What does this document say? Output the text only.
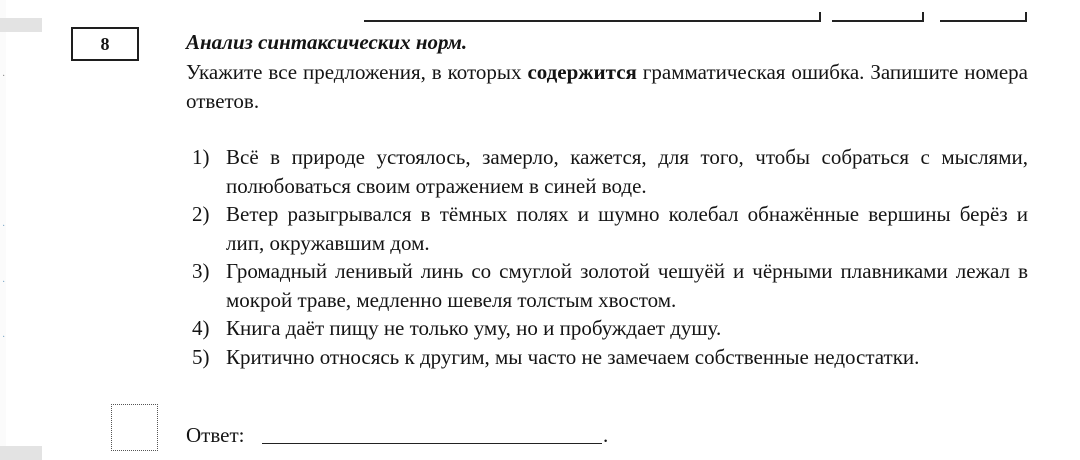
·
·
·
·
8	Анализ синтаксических норм.
Укажите все предложения, в которых содержится грамматическая ошибка. Запишите номера ответов.
1) Всё в природе устоялось, замерло, кажется, для того, чтобы собраться с мыслями, полюбоваться своим отражением в синей воде.
2) Ветер разыгрывался в тёмных полях и шумно колебал обнажённые вершины берёз и лип, окружавшим дом.
3) Громадный ленивый линь со смуглой золотой чешуёй и чёрными плавниками лежал в мокрой траве, медленно шевеля толстым хвостом.
4) Книга даёт пищу не только уму, но и пробуждает душу.
5) Критично относясь к другим, мы часто не замечаем собственные недостатки.
Ответ:	.
